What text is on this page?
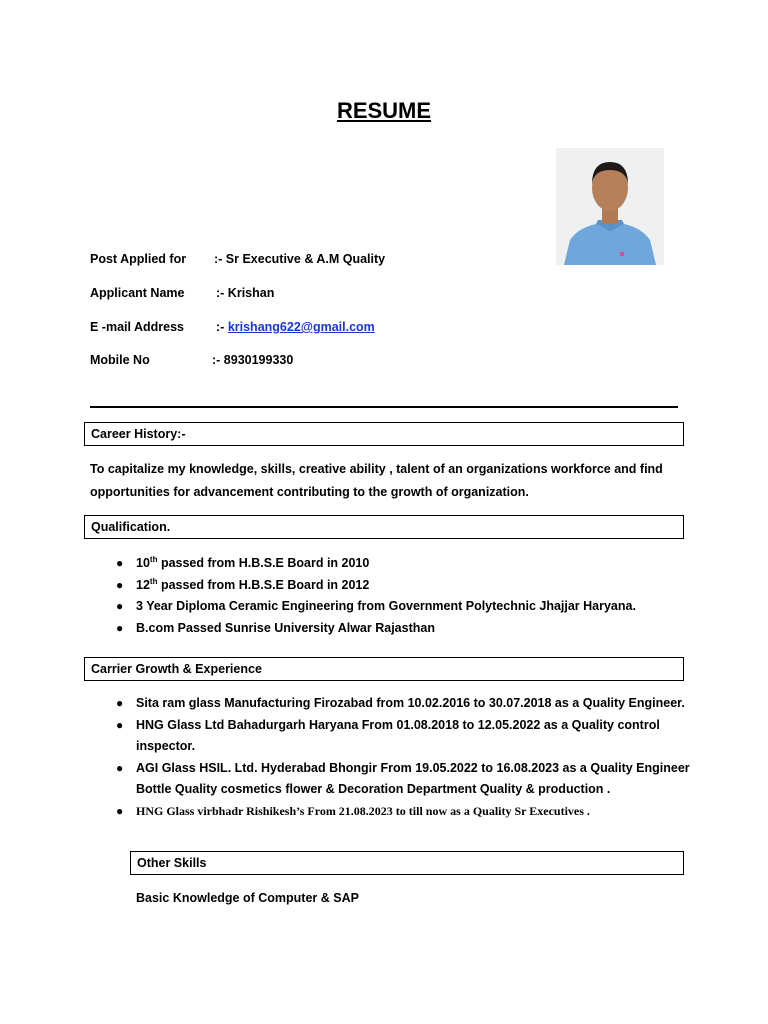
RESUME
Post Applied for :- Sr Executive & A.M Quality
Applicant Name	:- Krishan
E -mail Address	:- krishang622@gmail.com
Mobile No	:- 8930199330
Career History:-
To capitalize my knowledge, skills, creative ability , talent of an organizations workforce and find opportunities for advancement contributing to the growth of organization.
Qualification.
● 10th passed from H.B.S.E Board in 2010
● 12th passed from H.B.S.E Board in 2012
● 3 Year Diploma Ceramic Engineering from Government Polytechnic Jhajjar Haryana.
● B.com Passed Sunrise University Alwar Rajasthan
Carrier Growth & Experience
● Sita ram glass Manufacturing Firozabad from 10.02.2016 to 30.07.2018 as a Quality Engineer.
● HNG Glass Ltd Bahadurgarh Haryana From 01.08.2018 to 12.05.2022 as a Quality control inspector.
● AGI Glass HSIL. Ltd. Hyderabad Bhongir From 19.05.2022 to 16.08.2023 as a Quality Engineer Bottle Quality cosmetics flower & Decoration Department Quality & production .
● HNG Glass virbhadr Rishikesh’s From 21.08.2023 to till now as a Quality Sr Executives .
Other Skills
Basic Knowledge of Computer & SAP
